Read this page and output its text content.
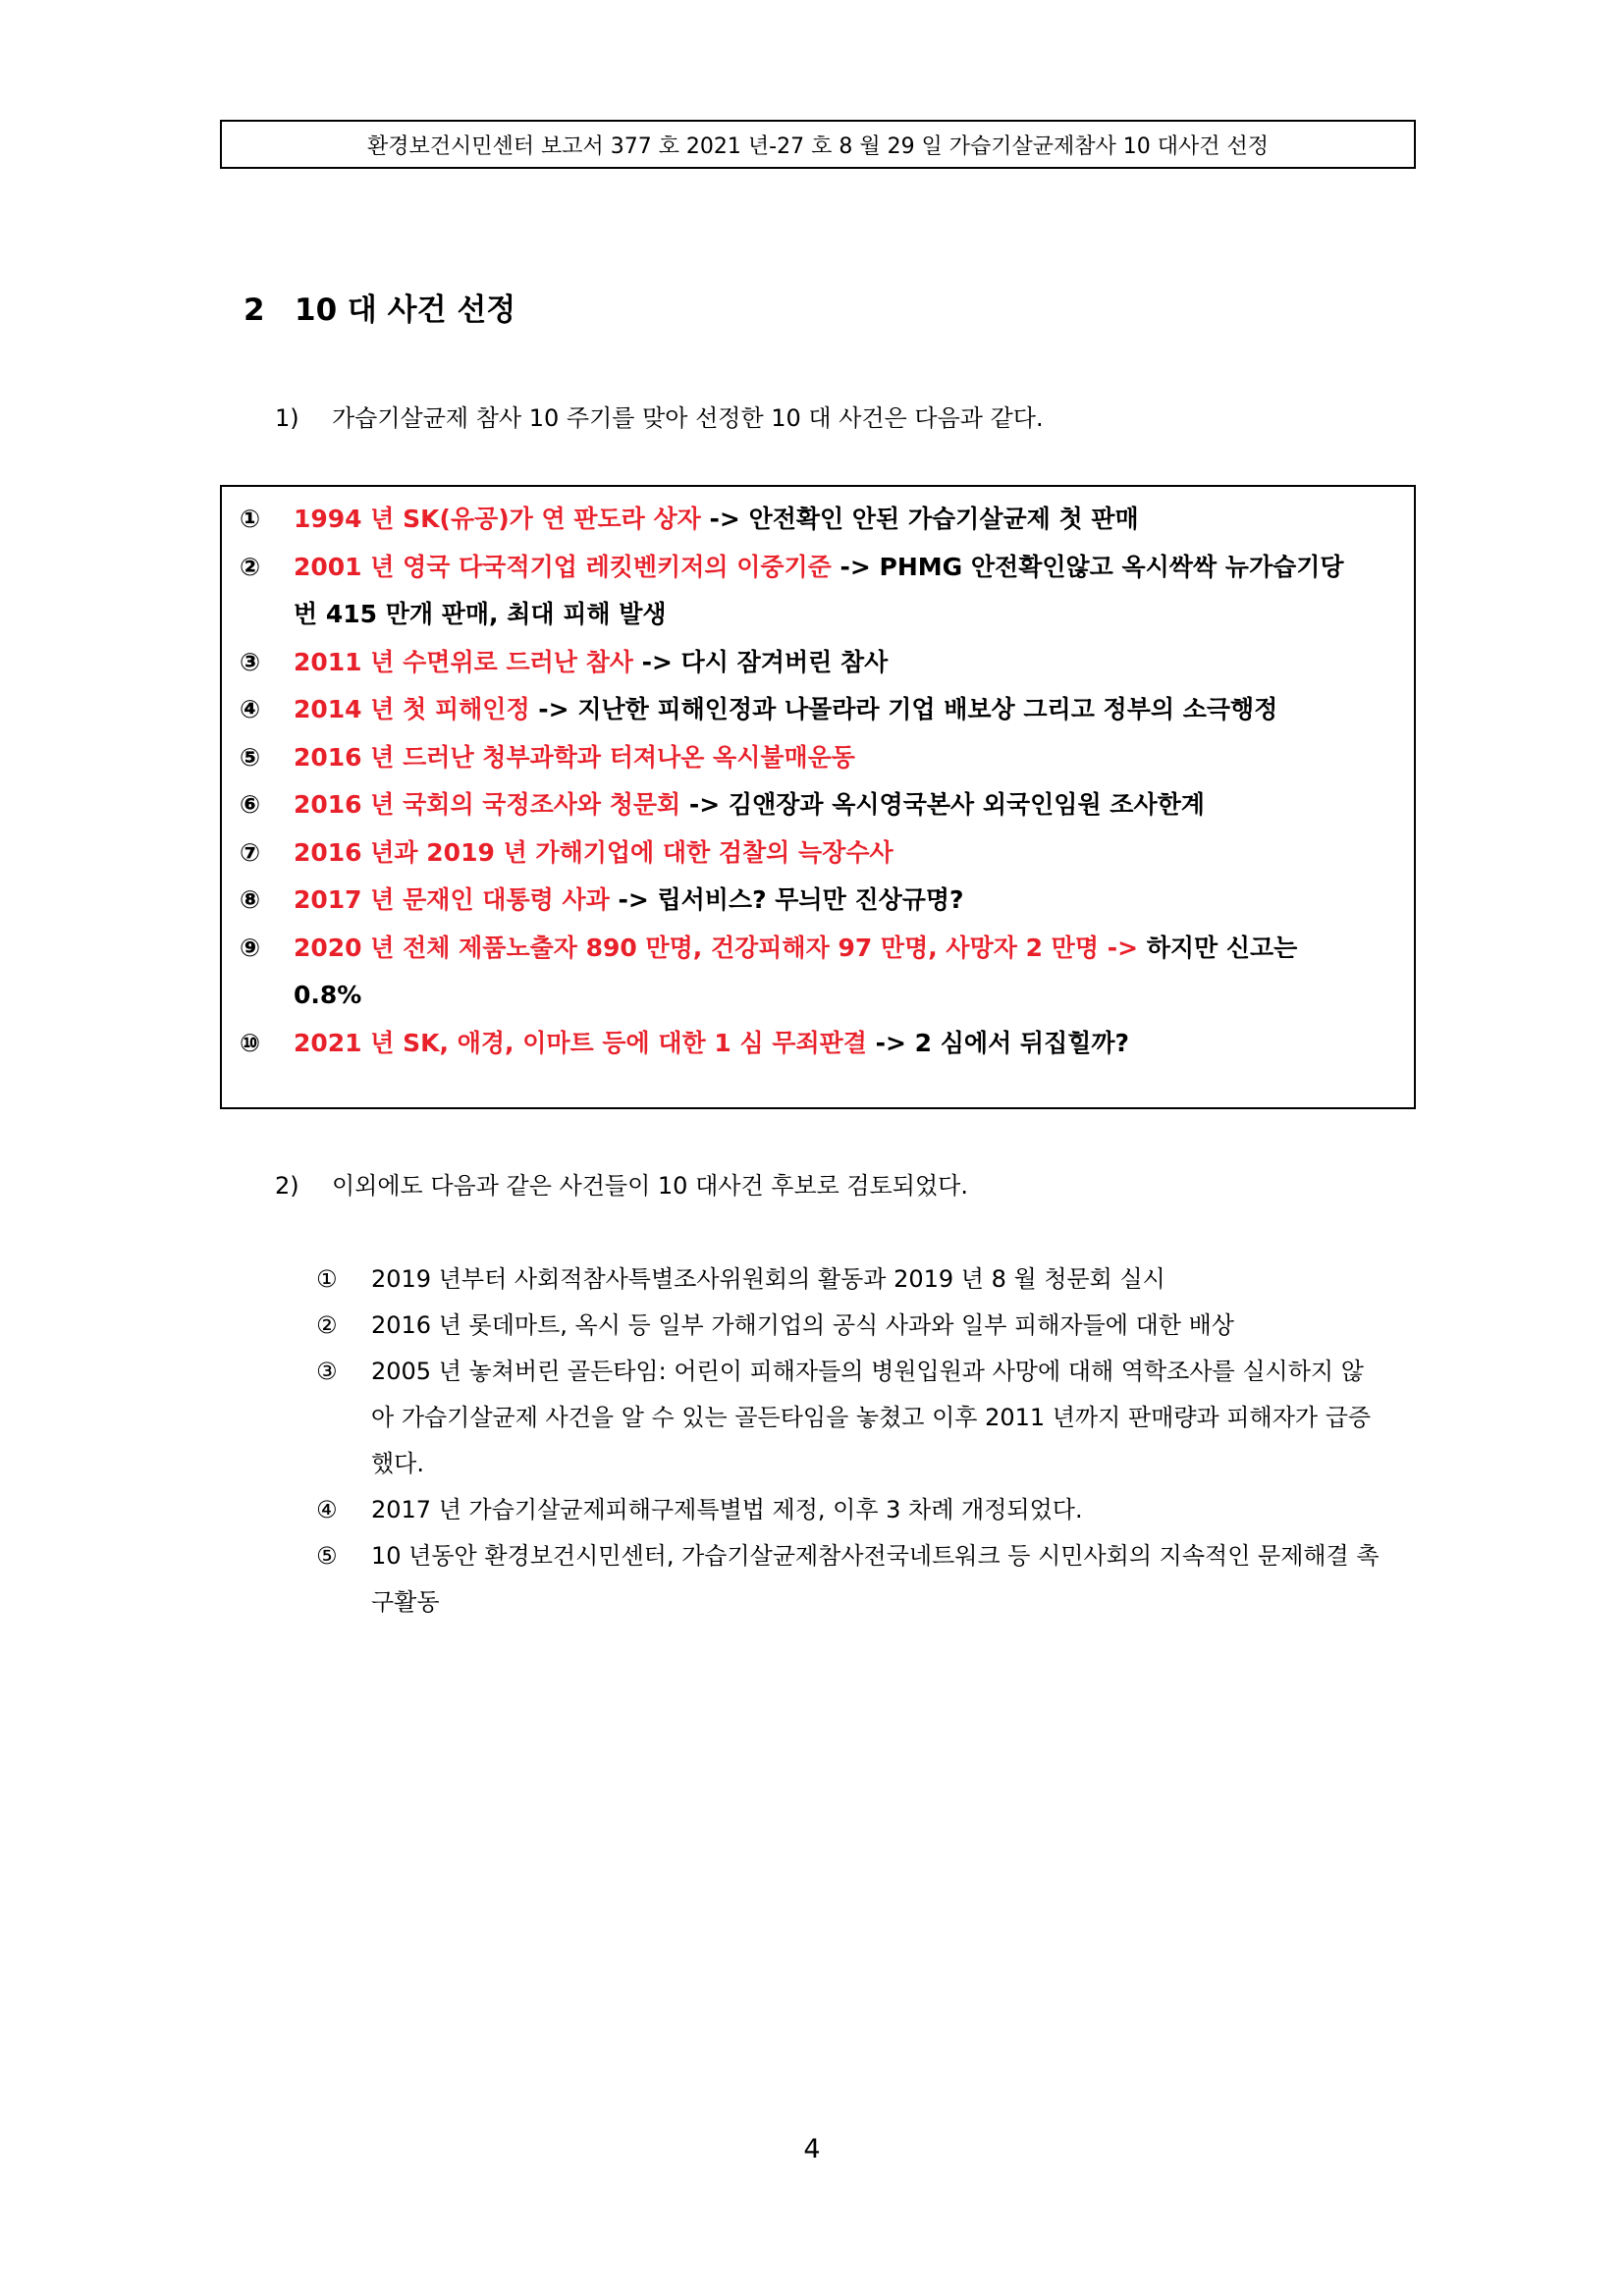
환경보건시민센터 보고서 377 호 2021 년-27 호 8 월 29 일 가습기살균제참사 10 대사건 선정
2 10 대 사건 선정
1) 가습기살균제 참사 10 주기를 맞아 선정한 10 대 사건은 다음과 같다.
①	1994 년 SK(유공)가 연 판도라 상자 -> 안전확인 안된 가습기살균제 첫 판매
②	2001 년 영국 다국적기업 레킷벤키저의 이중기준 -> PHMG 안전확인않고 옥시싹싹 뉴가습기당번 415 만개 판매, 최대 피해 발생
③	2011 년 수면위로 드러난 참사 -> 다시 잠겨버린 참사
④	2014 년 첫 피해인정 -> 지난한 피해인정과 나몰라라 기업 배보상 그리고 정부의 소극행정
⑤	2016 년 드러난 청부과학과 터져나온 옥시불매운동
⑥	2016 년 국회의 국정조사와 청문회 -> 김앤장과 옥시영국본사 외국인임원 조사한계
⑦	2016 년과 2019 년 가해기업에 대한 검찰의 늑장수사
⑧	2017 년 문재인 대통령 사과 -> 립서비스? 무늬만 진상규명?
⑨	2020 년 전체 제품노출자 890 만명, 건강피해자 97 만명, 사망자 2 만명 -> 하지만 신고는 0.8%
⑩	2021 년 SK, 애경, 이마트 등에 대한 1 심 무죄판결 -> 2 심에서 뒤집힐까?
2) 이외에도 다음과 같은 사건들이 10 대사건 후보로 검토되었다.
①	2019 년부터 사회적참사특별조사위원회의 활동과 2019 년 8 월 청문회 실시
②	2016 년 롯데마트, 옥시 등 일부 가해기업의 공식 사과와 일부 피해자들에 대한 배상
③	2005 년 놓쳐버린 골든타임: 어린이 피해자들의 병원입원과 사망에 대해 역학조사를 실시하지 않아 가습기살균제 사건을 알 수 있는 골든타임을 놓쳤고 이후 2011 년까지 판매량과 피해자가 급증했다.
④	2017 년 가습기살균제피해구제특별법 제정, 이후 3 차례 개정되었다.
⑤	10 년동안 환경보건시민센터, 가습기살균제참사전국네트워크 등 시민사회의 지속적인 문제해결 촉구활동
4
